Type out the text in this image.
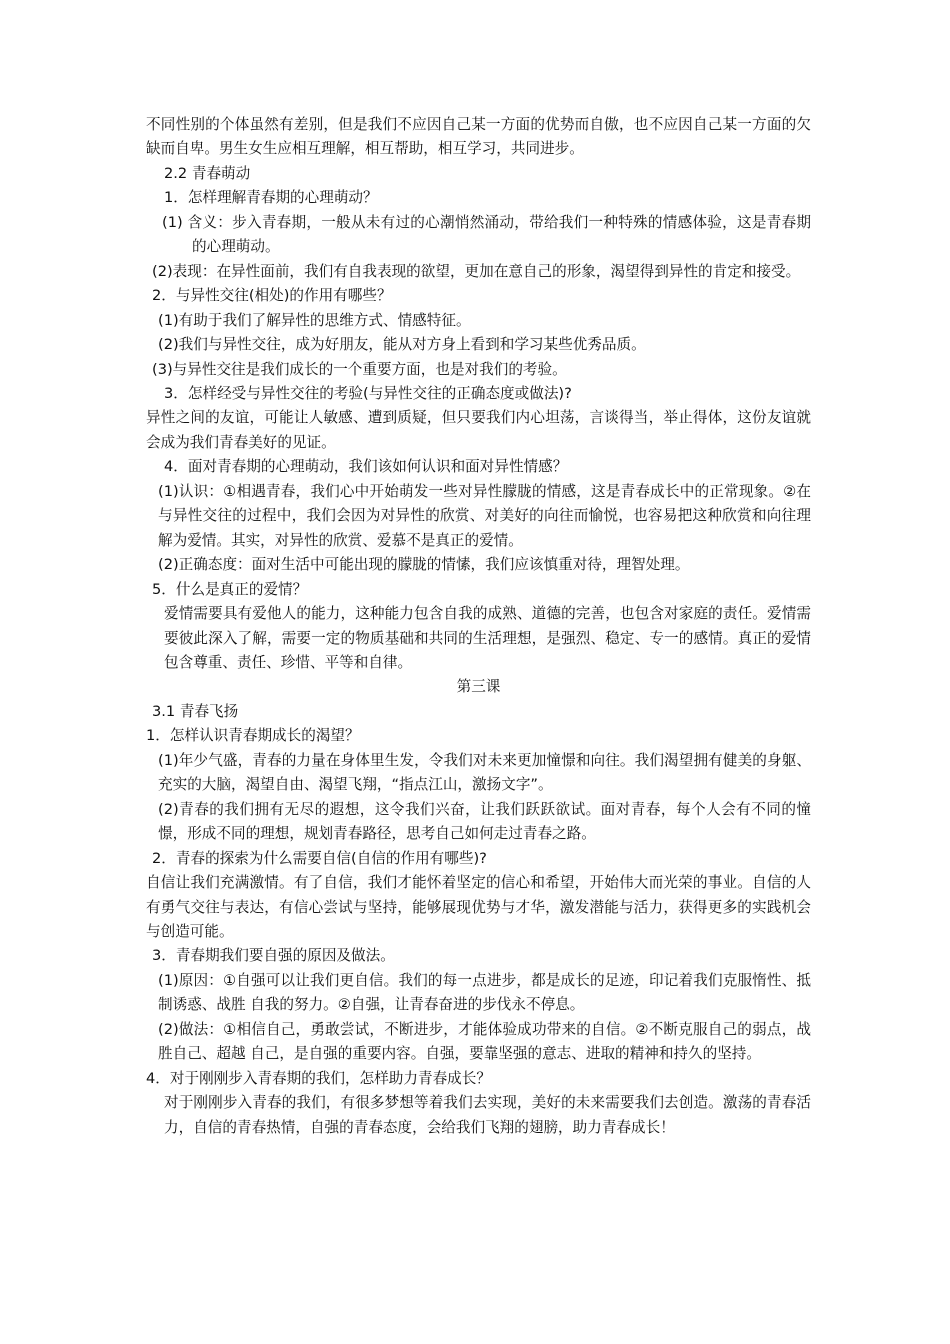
不同性别的个体虽然有差别，但是我们不应因自己某一方面的优势而自傲，也不应因自己某一方面的欠缺而自卑。男生女生应相互理解，相互帮助，相互学习，共同进步。

2.2 青春萌动

1．怎样理解青春期的心理萌动？

(1) 含义：步入青春期，一般从未有过的心潮悄然涌动，带给我们一种特殊的情感体验，这是青春期的心理萌动。

(2)表现：在异性面前，我们有自我表现的欲望，更加在意自己的形象，渴望得到异性的肯定和接受。

2．与异性交往(相处)的作用有哪些？

(1)有助于我们了解异性的思维方式、情感特征。

(2)我们与异性交往，成为好朋友，能从对方身上看到和学习某些优秀品质。

(3)与异性交往是我们成长的一个重要方面，也是对我们的考验。

3．怎样经受与异性交往的考验(与异性交往的正确态度或做法)?

异性之间的友谊，可能让人敏感、遭到质疑，但只要我们内心坦荡，言谈得当，举止得体，这份友谊就会成为我们青春美好的见证。

4．面对青春期的心理萌动，我们该如何认识和面对异性情感？

(1)认识：①相遇青春，我们心中开始萌发一些对异性朦胧的情感，这是青春成长中的正常现象。②在与异性交往的过程中，我们会因为对异性的欣赏、对美好的向往而愉悦，也容易把这种欣赏和向往理解为爱情。其实，对异性的欣赏、爱慕不是真正的爱情。

(2)正确态度：面对生活中可能出现的朦胧的情愫，我们应该慎重对待，理智处理。

5．什么是真正的爱情？

爱情需要具有爱他人的能力，这种能力包含自我的成熟、道德的完善，也包含对家庭的责任。爱情需要彼此深入了解，需要一定的物质基础和共同的生活理想，是强烈、稳定、专一的感情。真正的爱情包含尊重、责任、珍惜、平等和自律。

第三课

3.1 青春飞扬

1．怎样认识青春期成长的渴望？

(1)年少气盛，青春的力量在身体里生发，令我们对未来更加憧憬和向往。我们渴望拥有健美的身躯、充实的大脑，渴望自由、渴望飞翔，“指点江山，激扬文字”。

(2)青春的我们拥有无尽的遐想，这令我们兴奋，让我们跃跃欲试。面对青春，每个人会有不同的憧憬，形成不同的理想，规划青春路径，思考自己如何走过青春之路。

2．青春的探索为什么需要自信(自信的作用有哪些)?

自信让我们充满激情。有了自信，我们才能怀着坚定的信心和希望，开始伟大而光荣的事业。自信的人有勇气交往与表达，有信心尝试与坚持，能够展现优势与才华，激发潜能与活力，获得更多的实践机会与创造可能。

3．青春期我们要自强的原因及做法。

(1)原因：①自强可以让我们更自信。我们的每一点进步，都是成长的足迹，印记着我们克服惰性、抵制诱惑、战胜 自我的努力。②自强，让青春奋进的步伐永不停息。

(2)做法：①相信自己，勇敢尝试，不断进步，才能体验成功带来的自信。②不断克服自己的弱点，战胜自己、超越 自己，是自强的重要内容。自强，要靠坚强的意志、进取的精神和持久的坚持。

4．对于刚刚步入青春期的我们，怎样助力青春成长？

对于刚刚步入青春的我们，有很多梦想等着我们去实现，美好的未来需要我们去创造。激荡的青春活力，自信的青春热情，自强的青春态度，会给我们飞翔的翅膀，助力青春成长！
